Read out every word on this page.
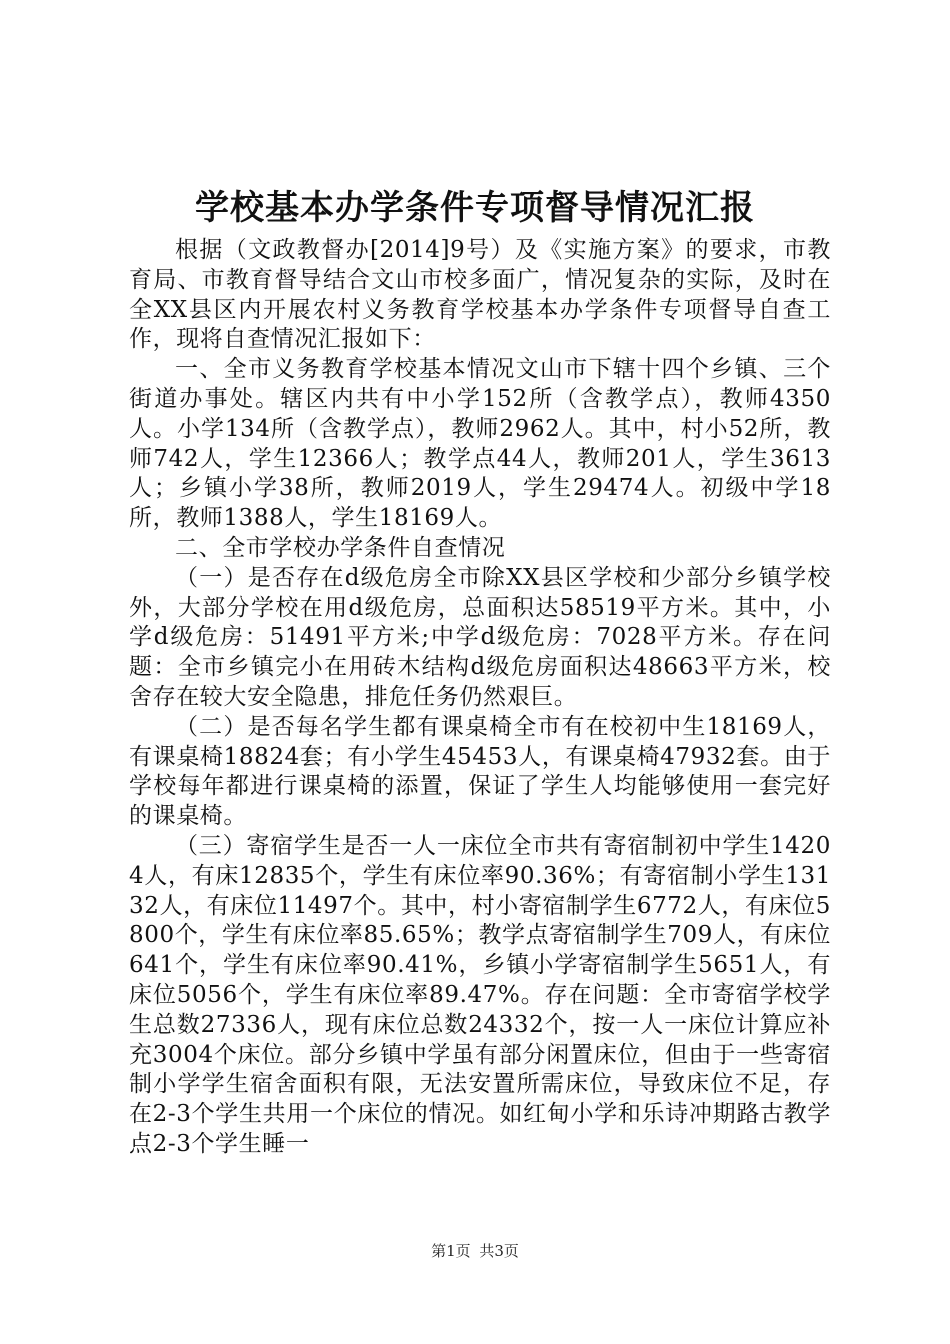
学校基本办学条件专项督导情况汇报

根据（文政教督办[2014]9号）及《实施方案》的要求，市教育局、市教育督导结合文山市校多面广，情况复杂的实际，及时在全XX县区内开展农村义务教育学校基本办学条件专项督导自查工作，现将自查情况汇报如下：

一、全市义务教育学校基本情况文山市下辖十四个乡镇、三个街道办事处。辖区内共有中小学152所（含教学点），教师4350人。小学134所（含教学点），教师2962人。其中，村小52所，教师742人，学生12366人；教学点44人，教师201人，学生3613人；乡镇小学38所，教师2019人，学生29474人。初级中学18所，教师1388人，学生18169人。

二、全市学校办学条件自查情况

（一）是否存在d级危房全市除XX县区学校和少部分乡镇学校外，大部分学校在用d级危房，总面积达58519平方米。其中，小学d级危房：51491平方米;中学d级危房：7028平方米。存在问题：全市乡镇完小在用砖木结构d级危房面积达48663平方米，校舍存在较大安全隐患，排危任务仍然艰巨。

（二）是否每名学生都有课桌椅全市有在校初中生18169人，有课桌椅18824套；有小学生45453人，有课桌椅47932套。由于学校每年都进行课桌椅的添置，保证了学生人均能够使用一套完好的课桌椅。

（三）寄宿学生是否一人一床位全市共有寄宿制初中学生14204人，有床12835个，学生有床位率90.36%；有寄宿制小学生13132人，有床位11497个。其中，村小寄宿制学生6772人，有床位5800个，学生有床位率85.65%；教学点寄宿制学生709人，有床位641个，学生有床位率90.41%，乡镇小学寄宿制学生5651人，有床位5056个，学生有床位率89.47%。存在问题：全市寄宿学校学生总数27336人，现有床位总数24332个，按一人一床位计算应补充3004个床位。部分乡镇中学虽有部分闲置床位，但由于一些寄宿制小学学生宿舍面积有限，无法安置所需床位，导致床位不足，存在2-3个学生共用一个床位的情况。如红甸小学和乐诗冲期路古教学点2-3个学生睡一

第1页 共3页
